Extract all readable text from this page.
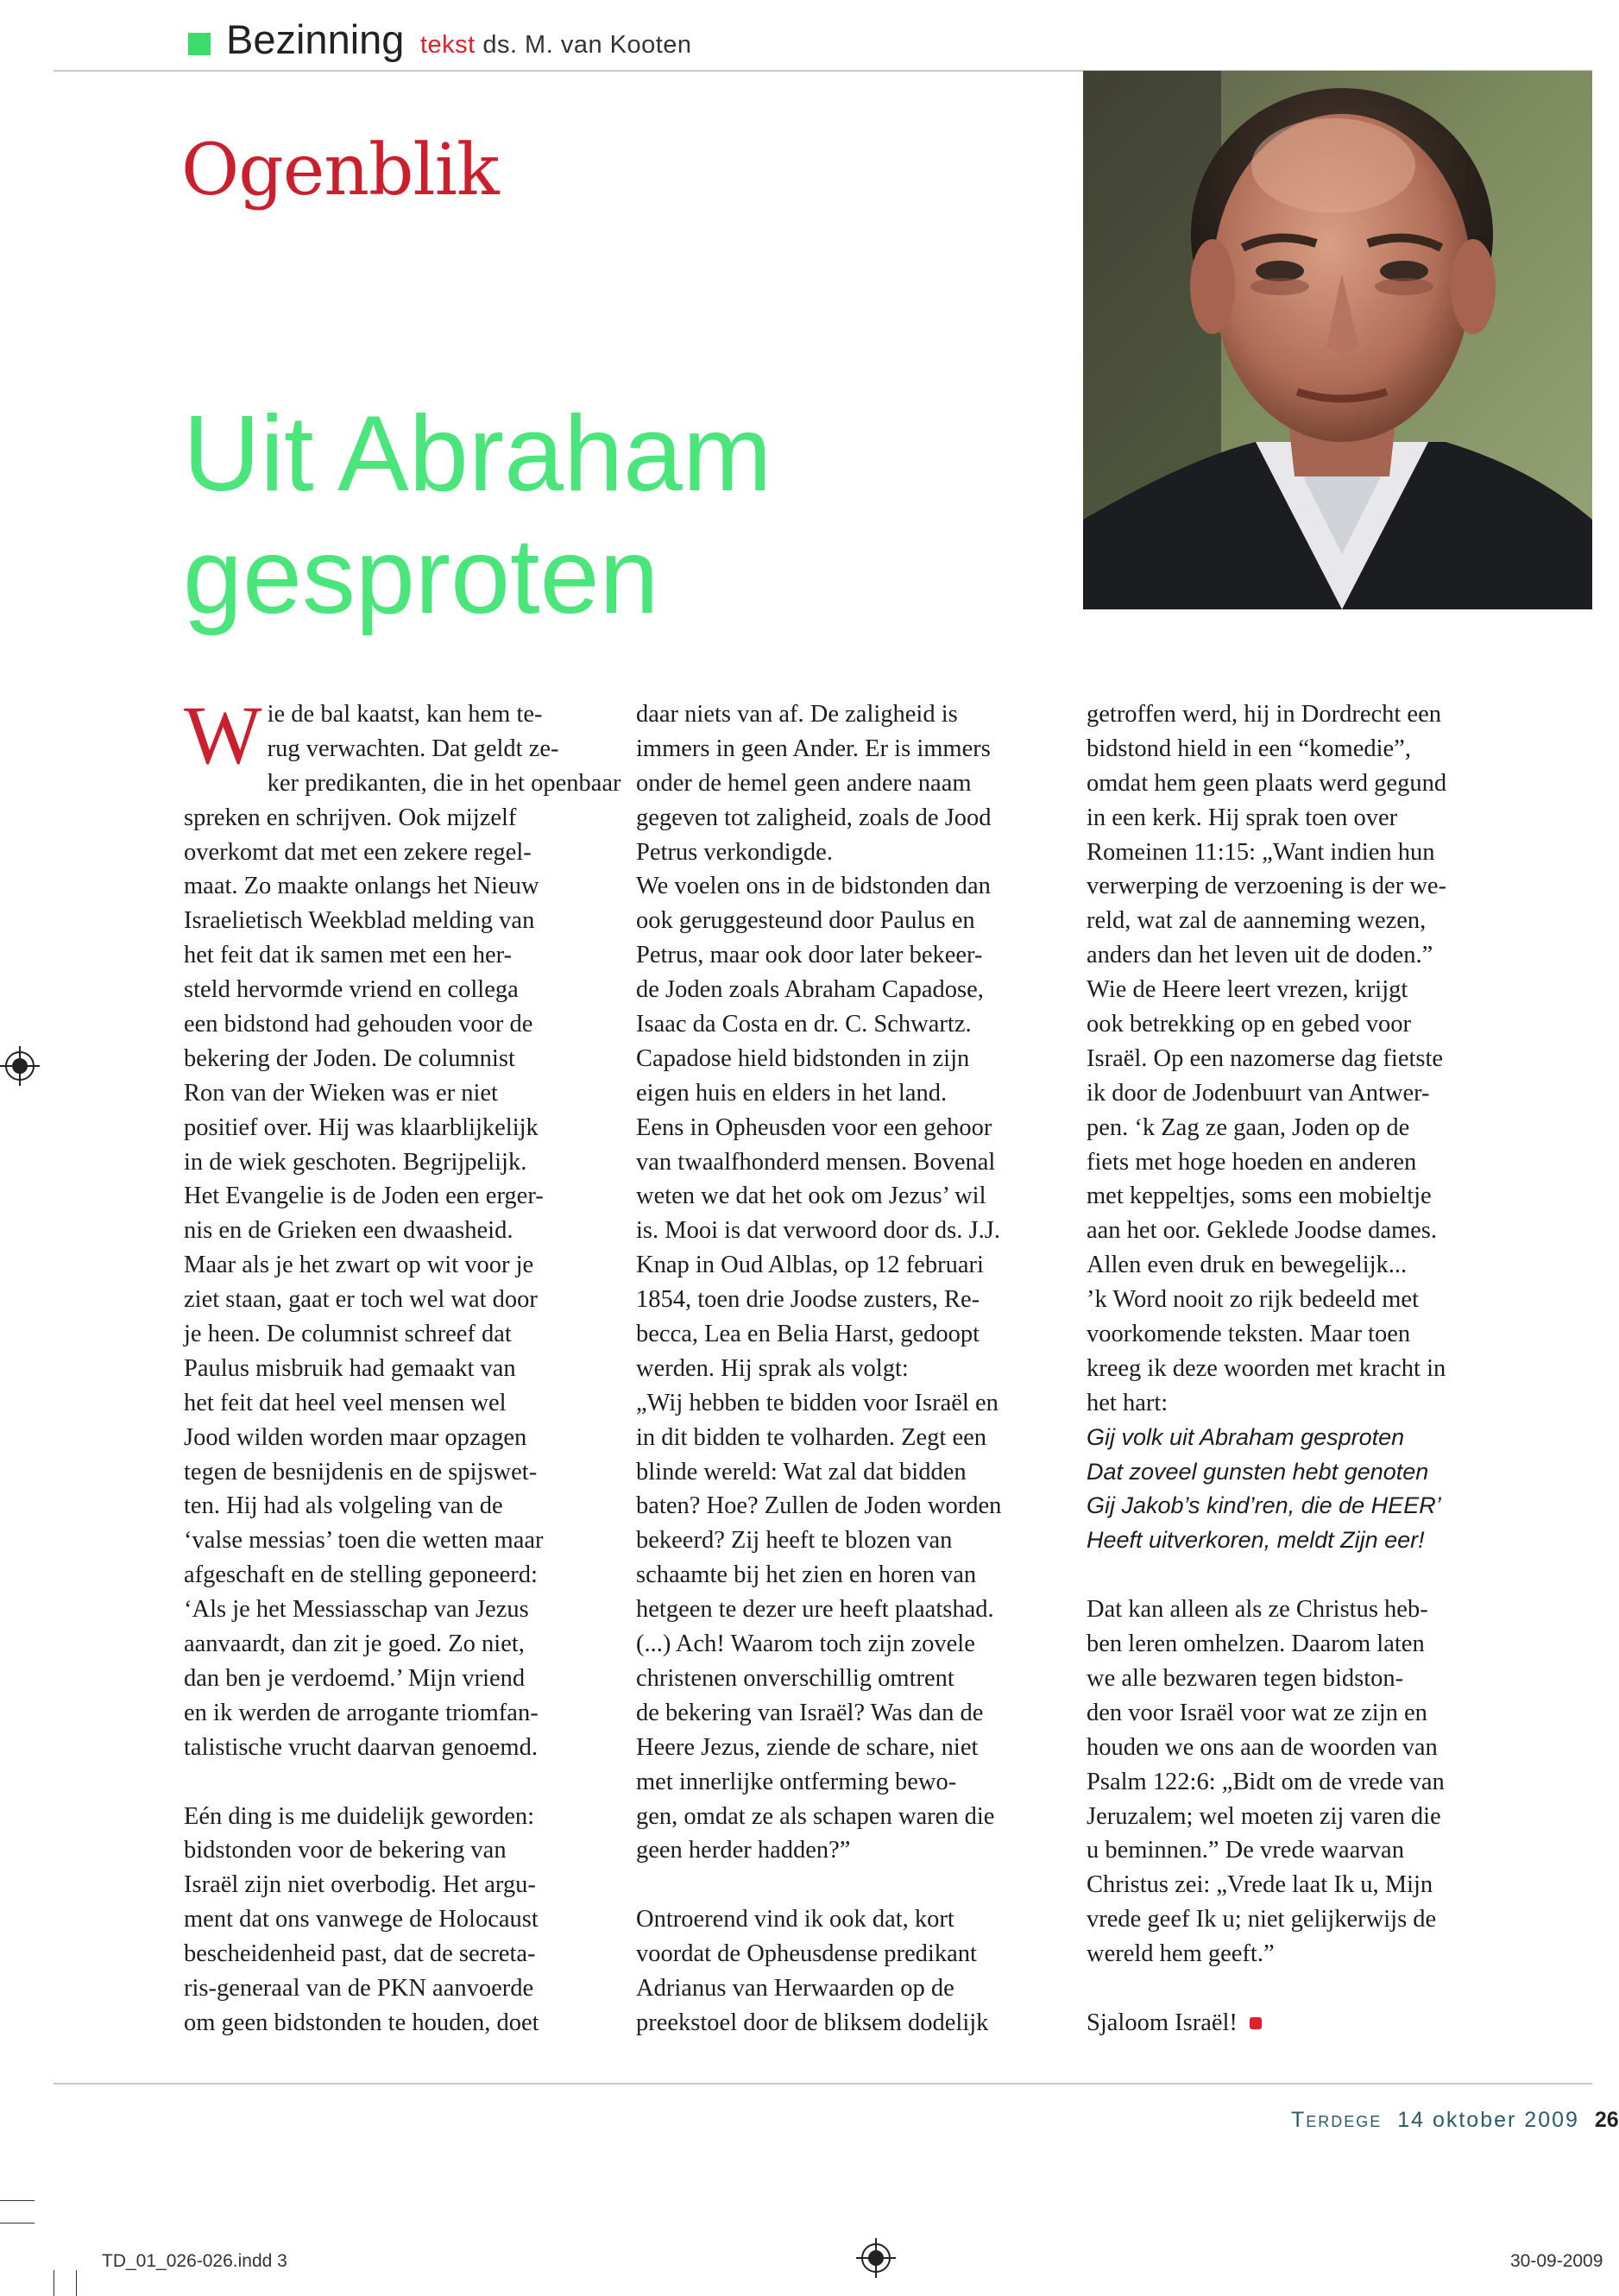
Bezinning tekst ds. M. van Kooten
Ogenblik
Uit Abraham
gesproten
W ie de bal kaatst, kan hem te-
rug verwachten. Dat geldt ze-
ker predikanten, die in het openbaar
spreken en schrijven. Ook mijzelf
overkomt dat met een zekere regel-
maat. Zo maakte onlangs het Nieuw
Israelietisch Weekblad melding van
het feit dat ik samen met een her-
steld hervormde vriend en collega
een bidstond had gehouden voor de
bekering der Joden. De columnist
Ron van der Wieken was er niet
positief over. Hij was klaarblijkelijk
in de wiek geschoten. Begrijpelijk.
Het Evangelie is de Joden een erger-
nis en de Grieken een dwaasheid.
Maar als je het zwart op wit voor je
ziet staan, gaat er toch wel wat door
je heen. De columnist schreef dat
Paulus misbruik had gemaakt van
het feit dat heel veel mensen wel
Jood wilden worden maar opzagen
tegen de besnijdenis en de spijswet-
ten. Hij had als volgeling van de
‘valse messias’ toen die wetten maar
afgeschaft en de stelling geponeerd:
‘Als je het Messiasschap van Jezus
aanvaardt, dan zit je goed. Zo niet,
dan ben je verdoemd.’ Mijn vriend
en ik werden de arrogante triomfan-
talistische vrucht daarvan genoemd.
Eén ding is me duidelijk geworden:
bidstonden voor de bekering van
Israël zijn niet overbodig. Het argu-
ment dat ons vanwege de Holocaust
bescheidenheid past, dat de secreta-
ris-generaal van de PKN aanvoerde
om geen bidstonden te houden, doet
daar niets van af. De zaligheid is
immers in geen Ander. Er is immers
onder de hemel geen andere naam
gegeven tot zaligheid, zoals de Jood
Petrus verkondigde.
We voelen ons in de bidstonden dan
ook geruggesteund door Paulus en
Petrus, maar ook door later bekeer-
de Joden zoals Abraham Capadose,
Isaac da Costa en dr. C. Schwartz.
Capadose hield bidstonden in zijn
eigen huis en elders in het land.
Eens in Opheusden voor een gehoor
van twaalfhonderd mensen. Bovenal
weten we dat het ook om Jezus’ wil
is. Mooi is dat verwoord door ds. J.J.
Knap in Oud Alblas, op 12 februari
1854, toen drie Joodse zusters, Re-
becca, Lea en Belia Harst, gedoopt
werden. Hij sprak als volgt:
„Wij hebben te bidden voor Israël en
in dit bidden te volharden. Zegt een
blinde wereld: Wat zal dat bidden
baten? Hoe? Zullen de Joden worden
bekeerd? Zij heeft te blozen van
schaamte bij het zien en horen van
hetgeen te dezer ure heeft plaatshad.
(...) Ach! Waarom toch zijn zovele
christenen onverschillig omtrent
de bekering van Israël? Was dan de
Heere Jezus, ziende de schare, niet
met innerlijke ontferming bewo-
gen, omdat ze als schapen waren die
geen herder hadden?”
Ontroerend vind ik ook dat, kort
voordat de Opheusdense predikant
Adrianus van Herwaarden op de
preekstoel door de bliksem dodelijk
getroffen werd, hij in Dordrecht een
bidstond hield in een “komedie”,
omdat hem geen plaats werd gegund
in een kerk. Hij sprak toen over
Romeinen 11:15: „Want indien hun
verwerping de verzoening is der we-
reld, wat zal de aanneming wezen,
anders dan het leven uit de doden.”
Wie de Heere leert vrezen, krijgt
ook betrekking op en gebed voor
Israël. Op een nazomerse dag fietste
ik door de Jodenbuurt van Antwer-
pen. ‘k Zag ze gaan, Joden op de
fiets met hoge hoeden en anderen
met keppeltjes, soms een mobieltje
aan het oor. Geklede Joodse dames.
Allen even druk en bewegelijk...
’k Word nooit zo rijk bedeeld met
voorkomende teksten. Maar toen
kreeg ik deze woorden met kracht in
het hart:
Gij volk uit Abraham gesproten
Dat zoveel gunsten hebt genoten
Gij Jakob’s kind’ren, die de HEER’
Heeft uitverkoren, meldt Zijn eer!
Dat kan alleen als ze Christus heb-
ben leren omhelzen. Daarom laten
we alle bezwaren tegen bidston-
den voor Israël voor wat ze zijn en
houden we ons aan de woorden van
Psalm 122:6: „Bidt om de vrede van
Jeruzalem; wel moeten zij varen die
u beminnen.” De vrede waarvan
Christus zei: „Vrede laat Ik u, Mijn
vrede geef Ik u; niet gelijkerwijs de
wereld hem geeft.”
Sjaloom Israël!
Terdege 14 oktober 2009 26
TD_01_026-026.indd 3	30-09-2009
